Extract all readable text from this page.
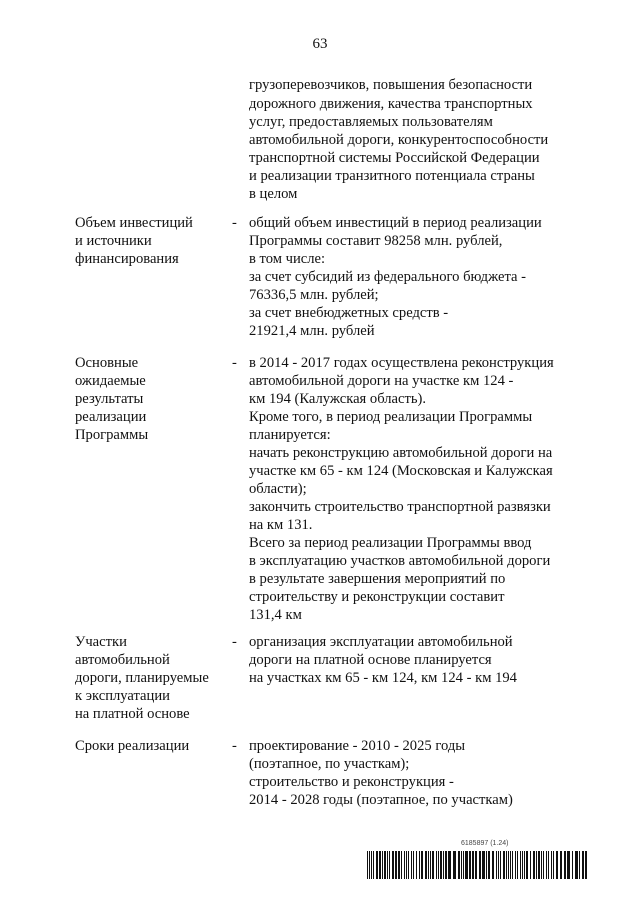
63
грузоперевозчиков, повышения безопасности
дорожного движения, качества транспортных
услуг, предоставляемых пользователям
автомобильной дороги, конкурентоспособности
транспортной системы Российской Федерации
и реализации транзитного потенциала страны
в целом
Объем инвестиций
и источники
финансирования
- общий объем инвестиций в период реализации
Программы составит 98258 млн. рублей,
в том числе:
за счет субсидий из федерального бюджета -
76336,5 млн. рублей;
за счет внебюджетных средств -
21921,4 млн. рублей
Основные
ожидаемые
результаты
реализации
Программы
- в 2014 - 2017 годах осуществлена реконструкция
автомобильной дороги на участке км 124 -
км 194 (Калужская область).
Кроме того, в период реализации Программы
планируется:
начать реконструкцию автомобильной дороги на
участке км 65 - км 124 (Московская и Калужская
области);
закончить строительство транспортной развязки
на км 131.
Всего за период реализации Программы ввод
в эксплуатацию участков автомобильной дороги
в результате завершения мероприятий по
строительству и реконструкции составит
131,4 км
Участки
автомобильной
дороги, планируемые
к эксплуатации
на платной основе
- организация эксплуатации автомобильной
дороги на платной основе планируется
на участках км 65 - км 124, км 124 - км 194
Сроки реализации	- проектирование - 2010 - 2025 годы
(поэтапное, по участкам);
строительство и реконструкция -
2014 - 2028 годы (поэтапное, по участкам)
6185897 (1.24)
